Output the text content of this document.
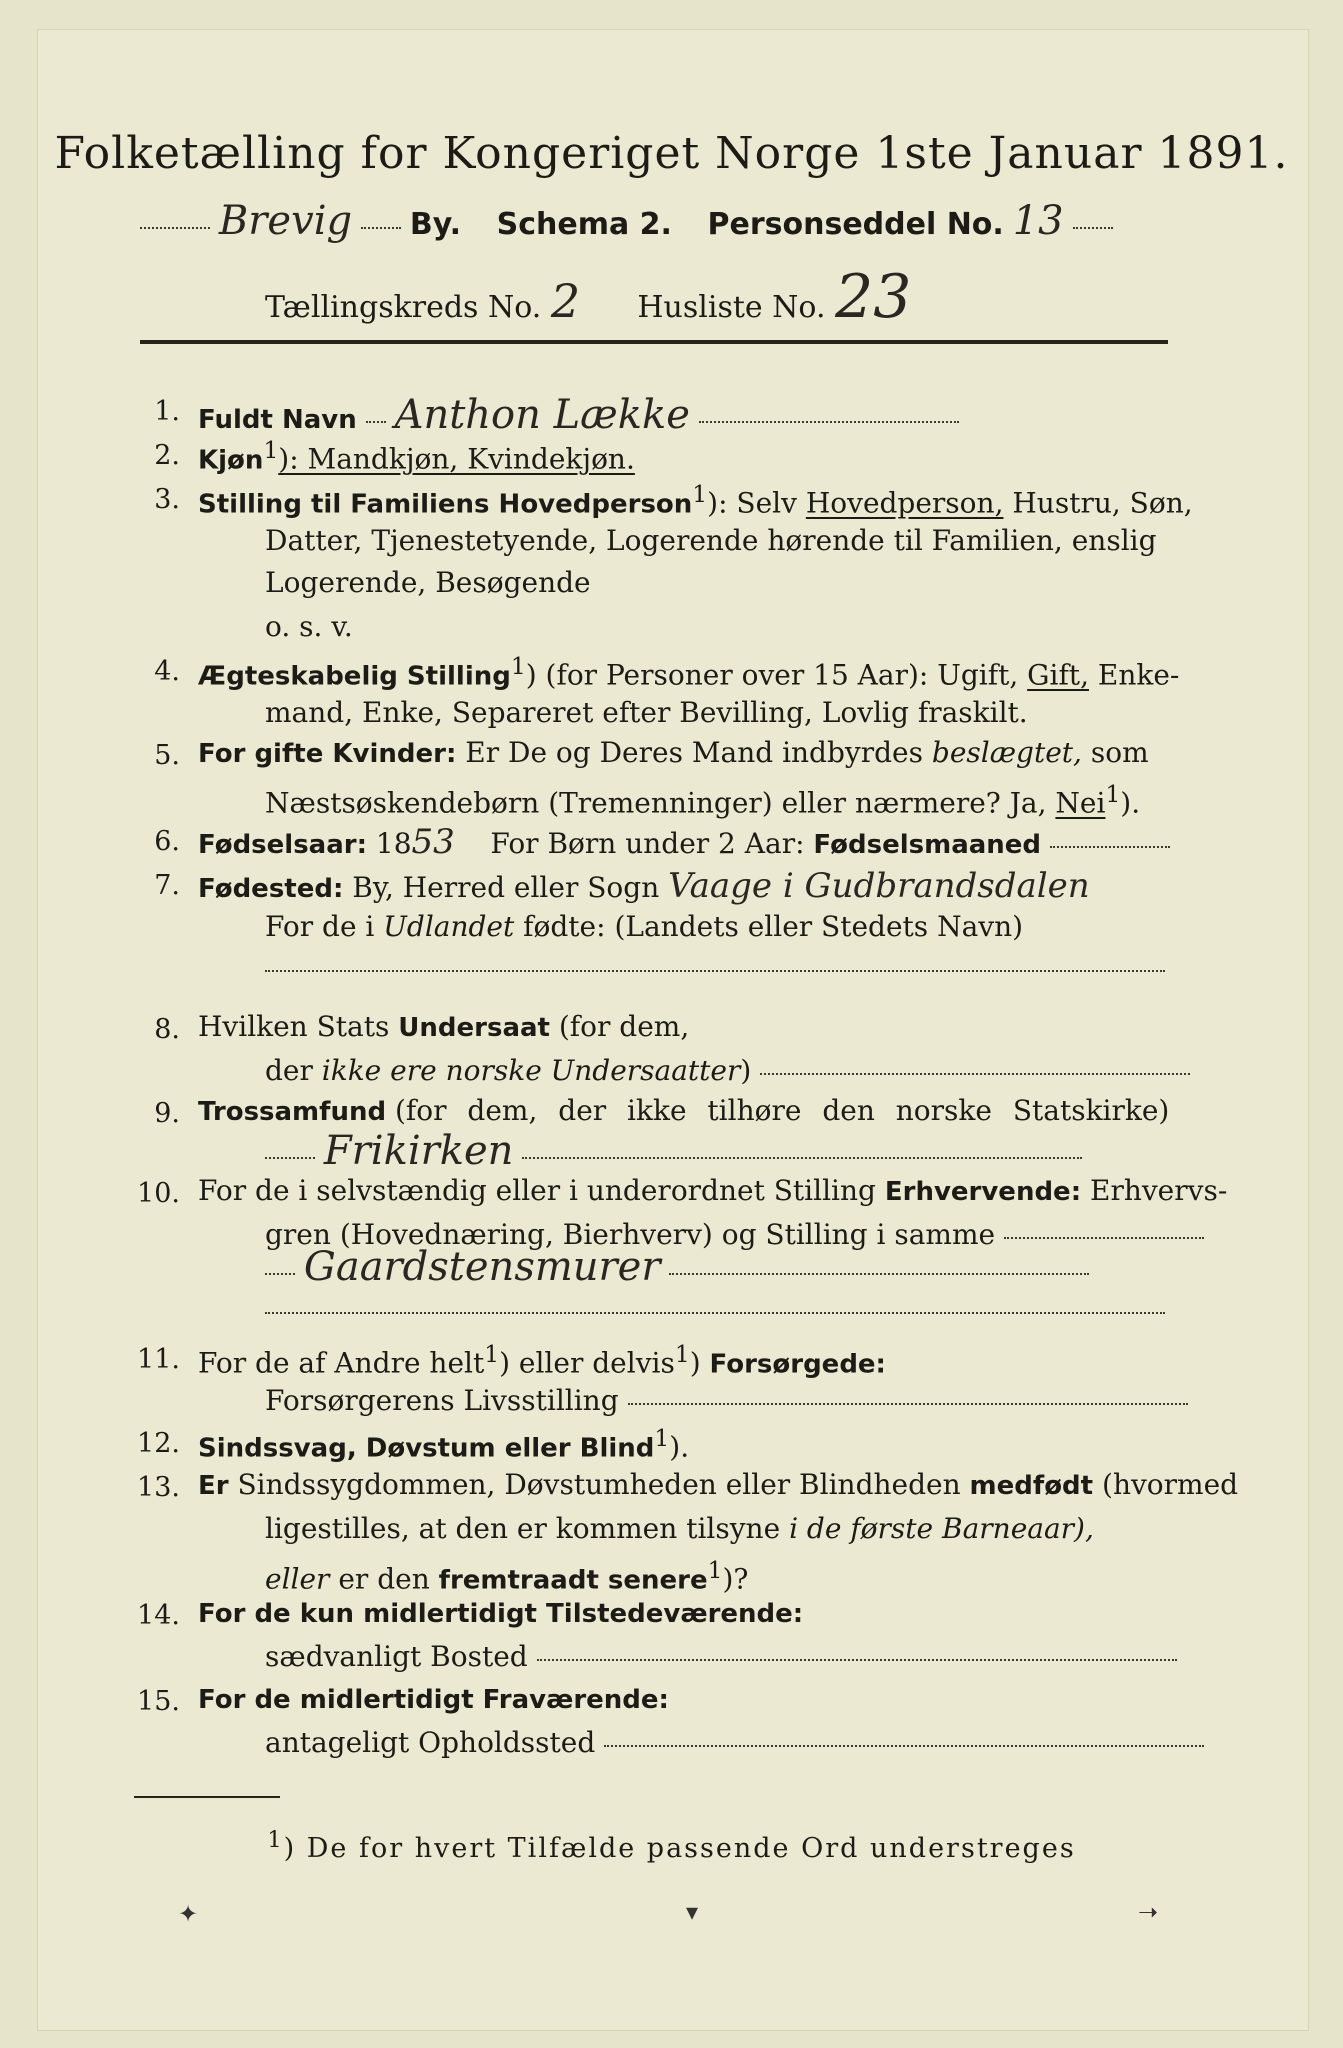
Folketælling for Kongeriget Norge 1ste Januar 1891.
Brevig By. Schema 2. Personseddel No. 13
Tællingskreds No. 2 Husliste No. 23
1. Fuldt Navn Anthon Lække
2. Kjøn$^1$): Mandkjøn, Kvindekjøn.
3. Stilling til Familiens Hovedperson$^1$): Selv Hovedperson, Hustru, Søn,
Datter, Tjenestetyende, Logerende hørende til Familien, enslig
Logerende, Besøgende
o. s. v.
4. Ægteskabelig Stilling$^1$) (for Personer over 15 Aar): Ugift, Gift, Enke-
mand, Enke, Separeret efter Bevilling, Lovlig fraskilt.
5. For gifte Kvinder: Er De og Deres Mand indbyrdes beslægtet, som
Næstsøskendebørn (Tremenninger) eller nærmere? Ja, Nei$^1$).
6. Fødselsaar: 1853 For Børn under 2 Aar: Fødselsmaaned
7. Fødested: By, Herred eller Sogn Vaage i Gudbrandsdalen
For de i Udlandet fødte: (Landets eller Stedets Navn)
8. Hvilken Stats Undersaat (for dem,
der ikke ere norske Undersaatter)
9. Trossamfund (for dem, der ikke tilhøre den norske Statskirke)
Frikirken
10. For de i selvstændig eller i underordnet Stilling Erhvervende: Erhvervs-
gren (Hovednæring, Bierhverv) og Stilling i samme
Gaardstensmurer
11. For de af Andre helt$^1$) eller delvis$^1$) Forsørgede:
Forsørgerens Livsstilling
12. Sindssvag, Døvstum eller Blind$^1$).
13. Er Sindssygdommen, Døvstumheden eller Blindheden medfødt (hvormed
ligestilles, at den er kommen tilsyne i de første Barneaar),
eller er den fremtraadt senere$^1$)?
14. For de kun midlertidigt Tilstedeværende:
sædvanligt Bosted
15. For de midlertidigt Fraværende:
antageligt Opholdssted
$^1$) De for hvert Tilfælde passende Ord understreges
✦	▾	➝
